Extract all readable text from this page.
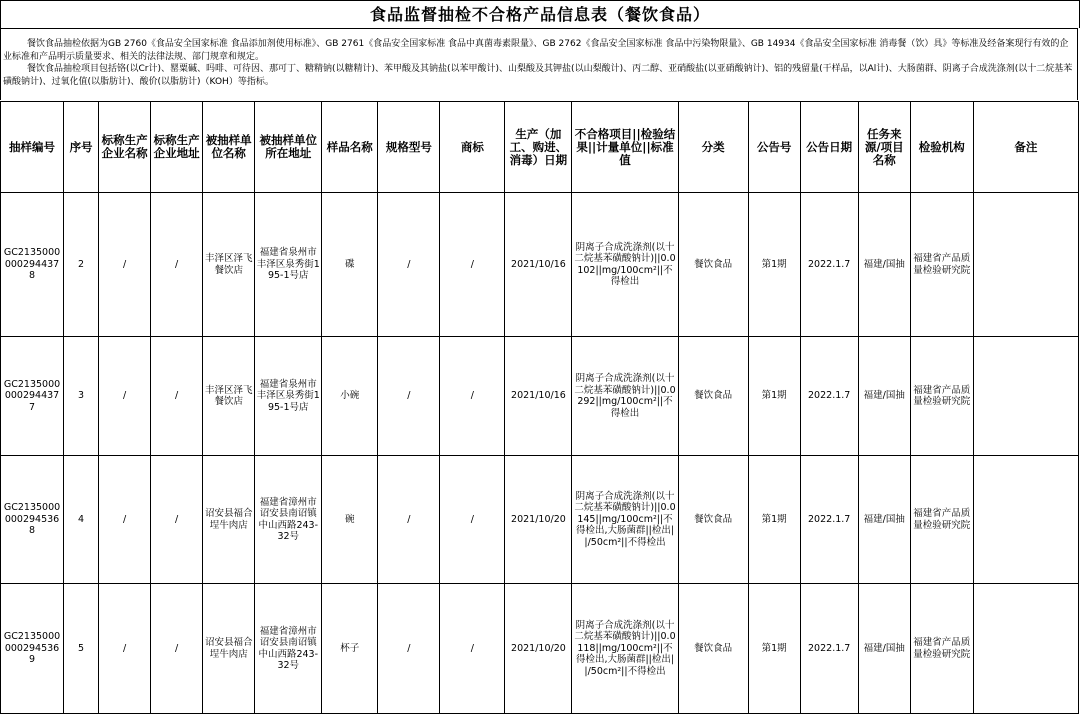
食品监督抽检不合格产品信息表（餐饮食品）

餐饮食品抽检依据为GB 2760《食品安全国家标准 食品添加剂使用标准》、GB 2761《食品安全国家标准 食品中真菌毒素限量》、GB 2762《食品安全国家标准 食品中污染物限量》、GB 14934《食品安全国家标准 消毒餐（饮）具》等标准及经备案现行有效的企业标准和产品明示质量要求、相关的法律法规、部门规章和规定。

餐饮食品抽检项目包括铬(以Cr计)、罂粟碱、吗啡、可待因、那可丁、糖精钠(以糖精计)、苯甲酸及其钠盐(以苯甲酸计)、山梨酸及其钾盐(以山梨酸计)、丙二醇、亚硝酸盐(以亚硝酸钠计)、铝的残留量(干样品，以Al计)、大肠菌群、阴离子合成洗涤剂(以十二烷基苯磺酸钠计)、过氧化值(以脂肪计)、酸价(以脂肪计)（KOH）等指标。

抽样编号	序号	标称生产企业名称	标称生产企业地址	被抽样单位名称	被抽样单位所在地址	样品名称	规格型号	商标	生产（加工、购进、消毒）日期	不合格项目||检验结果||计量单位||标准值	分类	公告号	公告日期	任务来源/项目名称	检验机构	备注
GC21350000002944378	2	/	/	丰泽区泽飞餐饮店	福建省泉州市丰泽区泉秀街195-1号店	碟	/	/	2021/10/16	阴离子合成洗涤剂(以十二烷基苯磺酸钠计)||0.0102||mg/100cm²||不得检出	餐饮食品	第1期	2022.1.7	福建/国抽	福建省产品质量检验研究院	
GC21350000002944377	3	/	/	丰泽区泽飞餐饮店	福建省泉州市丰泽区泉秀街195-1号店	小碗	/	/	2021/10/16	阴离子合成洗涤剂(以十二烷基苯磺酸钠计)||0.0292||mg/100cm²||不得检出	餐饮食品	第1期	2022.1.7	福建/国抽	福建省产品质量检验研究院	
GC21350000002945368	4	/	/	诏安县福合埕牛肉店	福建省漳州市诏安县南诏镇中山西路243-32号	碗	/	/	2021/10/20	阴离子合成洗涤剂(以十二烷基苯磺酸钠计)||0.0145||mg/100cm²||不得检出,大肠菌群||检出||/50cm²||不得检出	餐饮食品	第1期	2022.1.7	福建/国抽	福建省产品质量检验研究院	
GC21350000002945369	5	/	/	诏安县福合埕牛肉店	福建省漳州市诏安县南诏镇中山西路243-32号	杯子	/	/	2021/10/20	阴离子合成洗涤剂(以十二烷基苯磺酸钠计)||0.0118||mg/100cm²||不得检出,大肠菌群||检出||/50cm²||不得检出	餐饮食品	第1期	2022.1.7	福建/国抽	福建省产品质量检验研究院	
